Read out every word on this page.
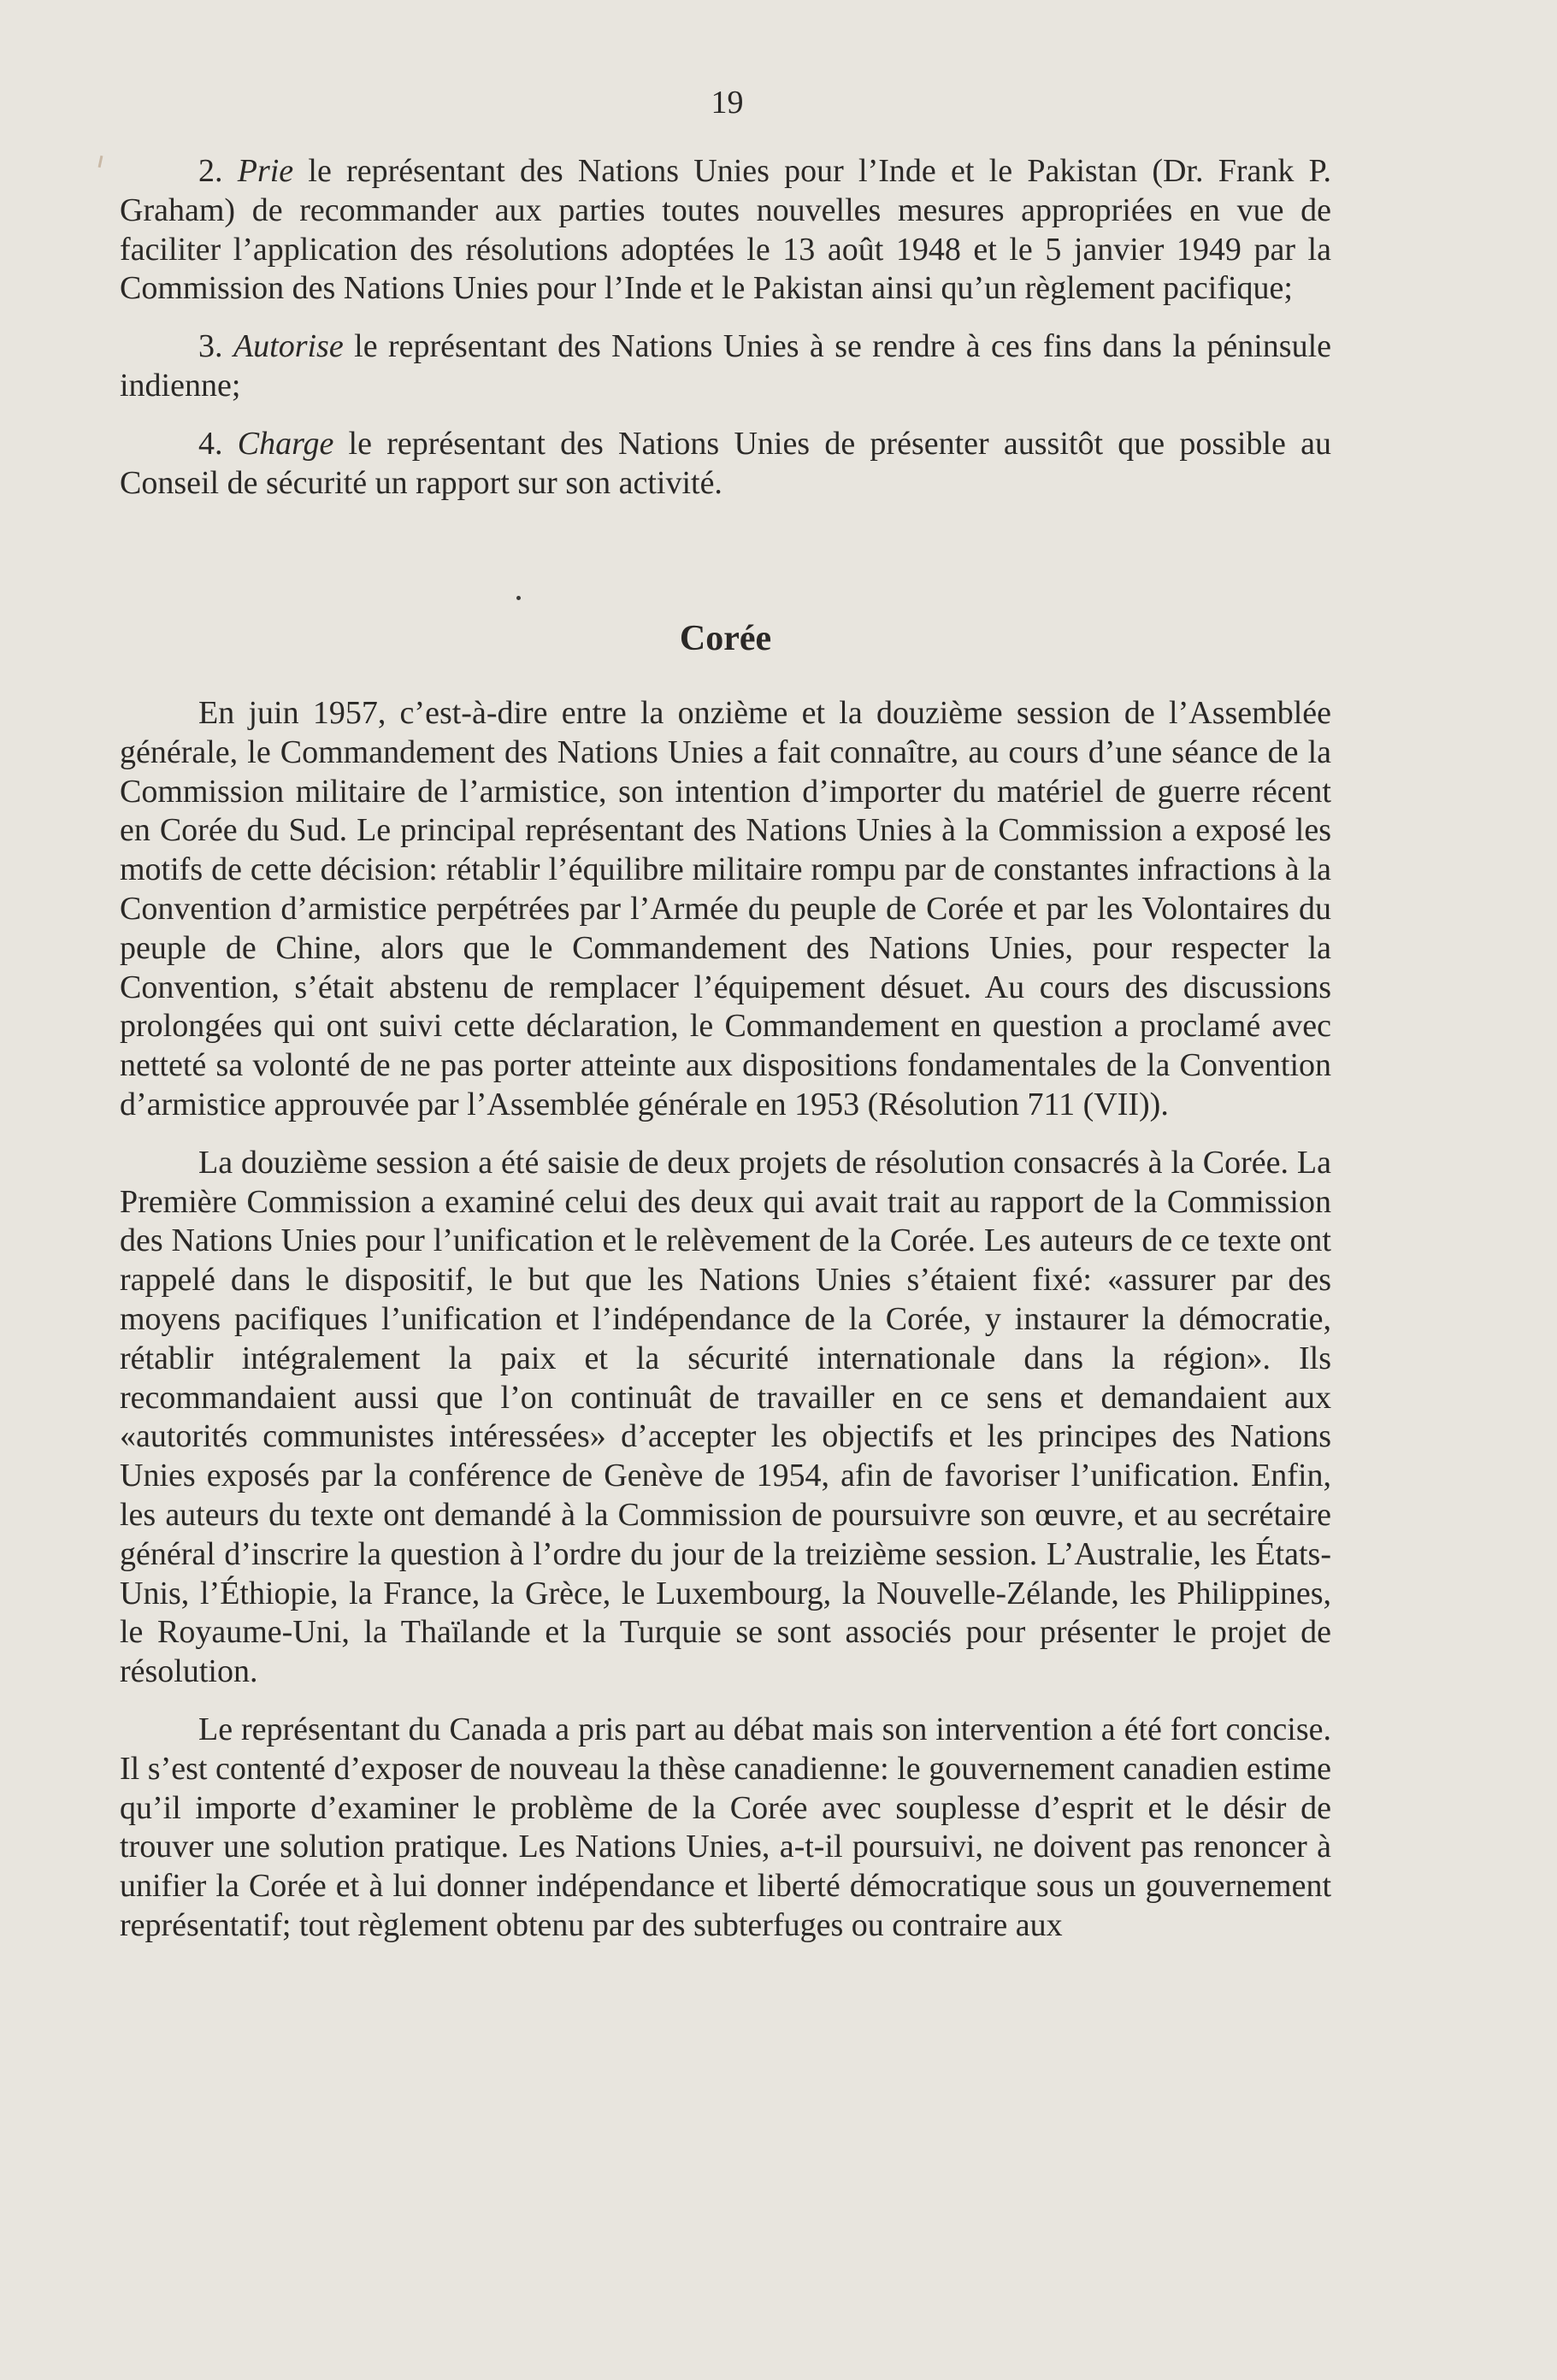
19

2. Prie le représentant des Nations Unies pour l’Inde et le Pakistan (Dr. Frank P. Graham) de recommander aux parties toutes nouvelles mesures appropriées en vue de faciliter l’application des résolutions adoptées le 13 août 1948 et le 5 janvier 1949 par la Commission des Nations Unies pour l’Inde et le Pakistan ainsi qu’un règlement pacifique;

3. Autorise le représentant des Nations Unies à se rendre à ces fins dans la péninsule indienne;

4. Charge le représentant des Nations Unies de présenter aussitôt que possible au Conseil de sécurité un rapport sur son activité.

Corée

En juin 1957, c’est-à-dire entre la onzième et la douzième session de l’Assemblée générale, le Commandement des Nations Unies a fait connaître, au cours d’une séance de la Commission militaire de l’armistice, son intention d’importer du matériel de guerre récent en Corée du Sud. Le principal représentant des Nations Unies à la Commission a exposé les motifs de cette décision: rétablir l’équilibre militaire rompu par de constantes infractions à la Convention d’armistice perpétrées par l’Armée du peuple de Corée et par les Volontaires du peuple de Chine, alors que le Commandement des Nations Unies, pour respecter la Convention, s’était abstenu de remplacer l’équipement désuet. Au cours des discussions prolongées qui ont suivi cette déclaration, le Commandement en question a proclamé avec netteté sa volonté de ne pas porter atteinte aux dispositions fondamentales de la Convention d’armistice approuvée par l’Assemblée générale en 1953 (Résolution 711 (VII)).

La douzième session a été saisie de deux projets de résolution consacrés à la Corée. La Première Commission a examiné celui des deux qui avait trait au rapport de la Commission des Nations Unies pour l’unification et le relèvement de la Corée. Les auteurs de ce texte ont rappelé dans le dispositif, le but que les Nations Unies s’étaient fixé: «assurer par des moyens pacifiques l’unification et l’indépendance de la Corée, y instaurer la démocratie, rétablir intégralement la paix et la sécurité internationale dans la région». Ils recommandaient aussi que l’on continuât de travailler en ce sens et demandaient aux «autorités communistes intéressées» d’accepter les objectifs et les principes des Nations Unies exposés par la conférence de Genève de 1954, afin de favoriser l’unification. Enfin, les auteurs du texte ont demandé à la Commission de poursuivre son œuvre, et au secrétaire général d’inscrire la question à l’ordre du jour de la treizième session. L’Australie, les États-Unis, l’Éthiopie, la France, la Grèce, le Luxembourg, la Nouvelle-Zélande, les Philippines, le Royaume-Uni, la Thaïlande et la Turquie se sont associés pour présenter le projet de résolution.

Le représentant du Canada a pris part au débat mais son intervention a été fort concise. Il s’est contenté d’exposer de nouveau la thèse canadienne: le gouvernement canadien estime qu’il importe d’examiner le problème de la Corée avec souplesse d’esprit et le désir de trouver une solution pratique. Les Nations Unies, a-t-il poursuivi, ne doivent pas renoncer à unifier la Corée et à lui donner indépendance et liberté démocratique sous un gouvernement représentatif; tout règlement obtenu par des subterfuges ou contraire aux
